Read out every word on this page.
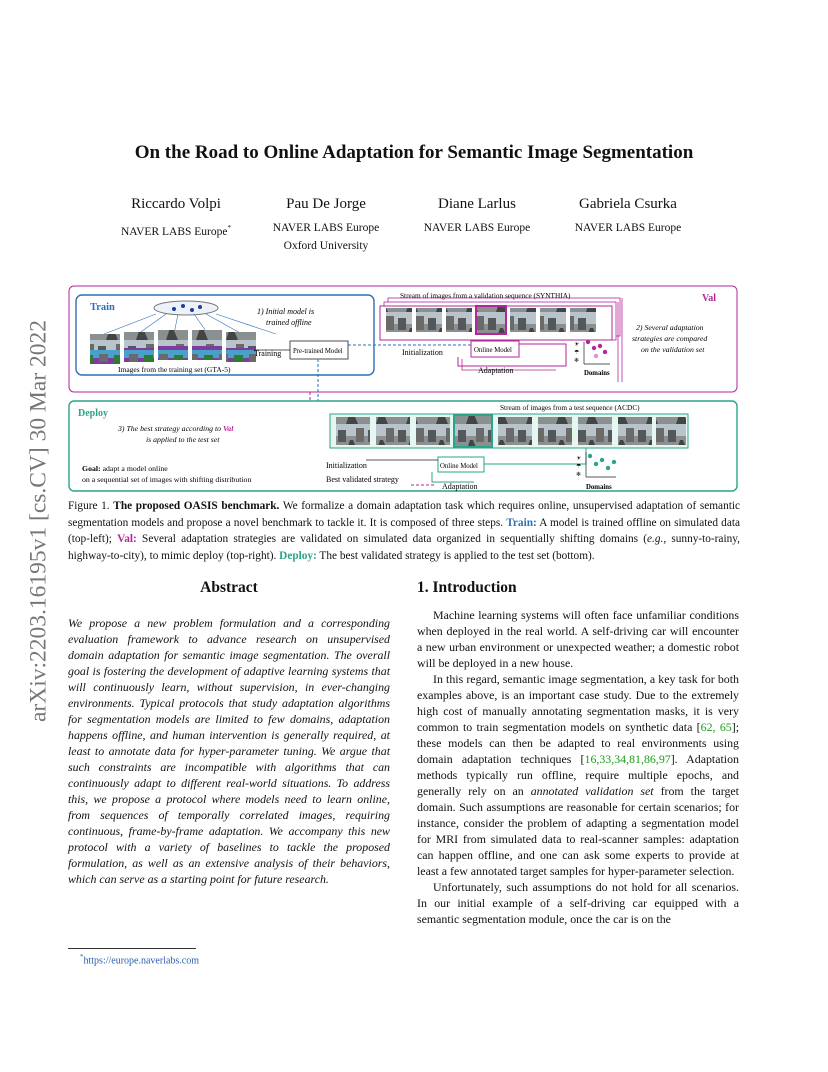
arXiv:2203.16195v1 [cs.CV] 30 Mar 2022
On the Road to Online Adaptation for Semantic Image Segmentation
Riccardo Volpi
NAVER LABS Europe*
Pau De Jorge
NAVER LABS Europe
Oxford University
Diane Larlus
NAVER LABS Europe
Gabriela Csurka
NAVER LABS Europe
Train
Images from the training set (GTA-5)
1) Initial model is
trained offline
Training Pre-trained Model
Stream of images from a validation sequence (SYNTHIA)	Val
2) Several adaptation
strategies are compared
on the validation set
Initialization	Online Model
Adaptation
☀
☂
❄
Domains
Deploy
3) The best strategy according to Val
is applied to the test set
Goal: adapt a model online
on a sequential set of images with shifting distribution
Stream of images from a test sequence (ACDC)
Initialization	Online Model
Best validated strategy
Adaptation
☀
☂
❄
Domains
Figure 1. The proposed OASIS benchmark. We formalize a domain adaptation task which requires online, unsupervised adaptation of semantic segmentation models and propose a novel benchmark to tackle it. It is composed of three steps. Train: A model is trained offline on simulated data (top-left); Val: Several adaptation strategies are validated on simulated data organized in sequentially shifting domains (e.g., sunny-to-rainy, highway-to-city), to mimic deploy (top-right). Deploy: The best validated strategy is applied to the test set (bottom).
Abstract
We propose a new problem formulation and a corresponding evaluation framework to advance research on unsupervised domain adaptation for semantic image segmentation. The overall goal is fostering the development of adaptive learning systems that will continuously learn, without supervision, in ever-changing environments. Typical protocols that study adaptation algorithms for segmentation models are limited to few domains, adaptation happens offline, and human intervention is generally required, at least to annotate data for hyper-parameter tuning. We argue that such constraints are incompatible with algorithms that can continuously adapt to different real-world situations. To address this, we propose a protocol where models need to learn online, from sequences of temporally correlated images, requiring continuous, frame-by-frame adaptation. We accompany this new protocol with a variety of baselines to tackle the proposed formulation, as well as an extensive analysis of their behaviors, which can serve as a starting point for future research.
1. Introduction

Machine learning systems will often face unfamiliar conditions when deployed in the real world. A self-driving car will encounter a new urban environment or unexpected weather; a domestic robot will be deployed in a new house.

In this regard, semantic image segmentation, a key task for both examples above, is an important case study. Due to the extremely high cost of manually annotating segmentation masks, it is very common to train segmentation models on synthetic data [62, 65]; these models can then be adapted to real environments using domain adaptation techniques [16,33,34,81,86,97]. Adaptation methods typically run offline, require multiple epochs, and generally rely on an annotated validation set from the target domain. Such assumptions are reasonable for certain scenarios; for instance, consider the problem of adapting a segmentation model for MRI from simulated data to real-scanner samples: adaptation can happen offline, and one can ask some experts to provide at least a few annotated target samples for hyper-parameter selection.

Unfortunately, such assumptions do not hold for all scenarios. In our initial example of a self-driving car equipped with a semantic segmentation module, once the car is on the

*https://europe.naverlabs.com
